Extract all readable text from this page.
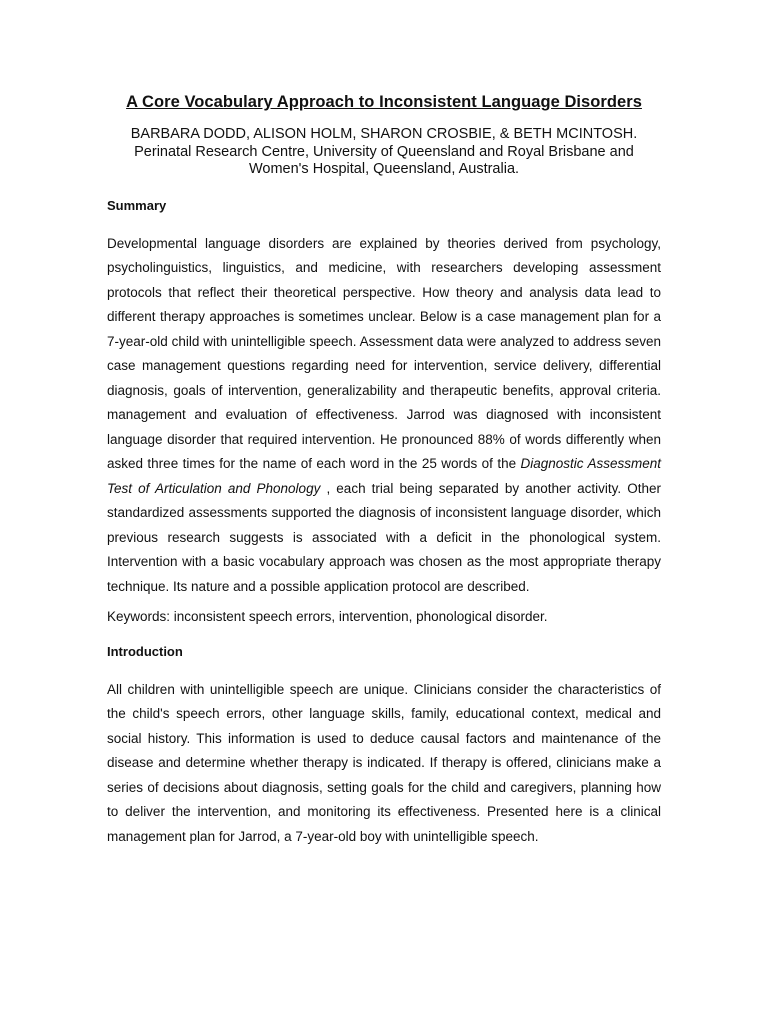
A Core Vocabulary Approach to Inconsistent Language Disorders
BARBARA DODD, ALISON HOLM, SHARON CROSBIE, & BETH MCINTOSH.
Perinatal Research Centre, University of Queensland and Royal Brisbane and
Women's Hospital, Queensland, Australia.
Summary

Developmental language disorders are explained by theories derived from psychology, psycholinguistics, linguistics, and medicine, with researchers developing assessment protocols that reflect their theoretical perspective. How theory and analysis data lead to different therapy approaches is sometimes unclear. Below is a case management plan for a 7-year-old child with unintelligible speech. Assessment data were analyzed to address seven case management questions regarding need for intervention, service delivery, differential diagnosis, goals of intervention, generalizability and therapeutic benefits, approval criteria. management and evaluation of effectiveness. Jarrod was diagnosed with inconsistent language disorder that required intervention. He pronounced 88% of words differently when asked three times for the name of each word in the 25 words of the Diagnostic Assessment Test of Articulation and Phonology , each trial being separated by another activity. Other standardized assessments supported the diagnosis of inconsistent language disorder, which previous research suggests is associated with a deficit in the phonological system. Intervention with a basic vocabulary approach was chosen as the most appropriate therapy technique. Its nature and a possible application protocol are described.

Keywords: inconsistent speech errors, intervention, phonological disorder.

Introduction

All children with unintelligible speech are unique. Clinicians consider the characteristics of the child's speech errors, other language skills, family, educational context, medical and social history. This information is used to deduce causal factors and maintenance of the disease and determine whether therapy is indicated. If therapy is offered, clinicians make a series of decisions about diagnosis, setting goals for the child and caregivers, planning how to deliver the intervention, and monitoring its effectiveness. Presented here is a clinical management plan for Jarrod, a 7-year-old boy with unintelligible speech.
